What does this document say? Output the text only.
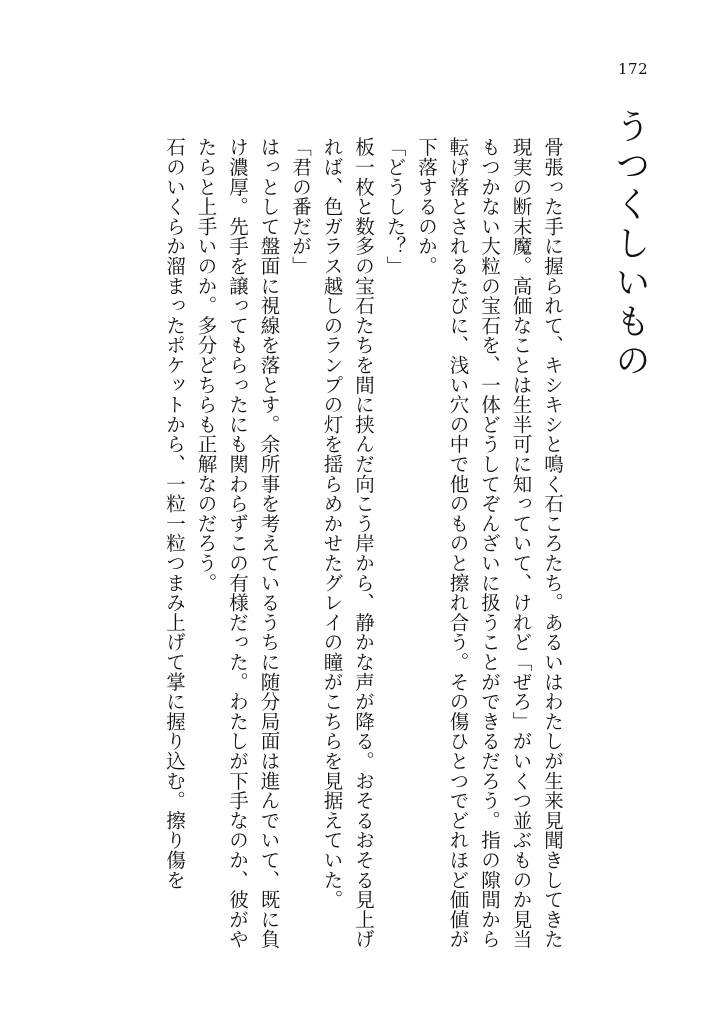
172
うつくしいもの

骨張った手に握られて、キシキシと鳴く石ころたち。あるいはわたしが生来見聞きしてきた現実の断末魔。高価なことは生半可に知っていて、けれど「ぜろ」がいくつ並ぶものか見当もつかない大粒の宝石を、一体どうしてぞんざいに扱うことができるだろう。指の隙間から転げ落とされるたびに、浅い穴の中で他のものと擦れ合う。その傷ひとつでどれほど価値が下落するのか。

「どうした？」

板一枚と数多の宝石たちを間に挟んだ向こう岸から、静かな声が降る。おそるおそる見上げれば、色ガラス越しのランプの灯を揺らめかせたグレイの瞳がこちらを見据えていた。

「君の番だが」

はっとして盤面に視線を落とす。余所事を考えているうちに随分局面は進んでいて、既に負け濃厚。先手を譲ってもらったにも関わらずこの有様だった。わたしが下手なのか、彼がやたらと上手いのか。多分どちらも正解なのだろう。

石のいくらか溜まったポケットから、一粒一粒つまみ上げて掌に握り込む。擦り傷を
